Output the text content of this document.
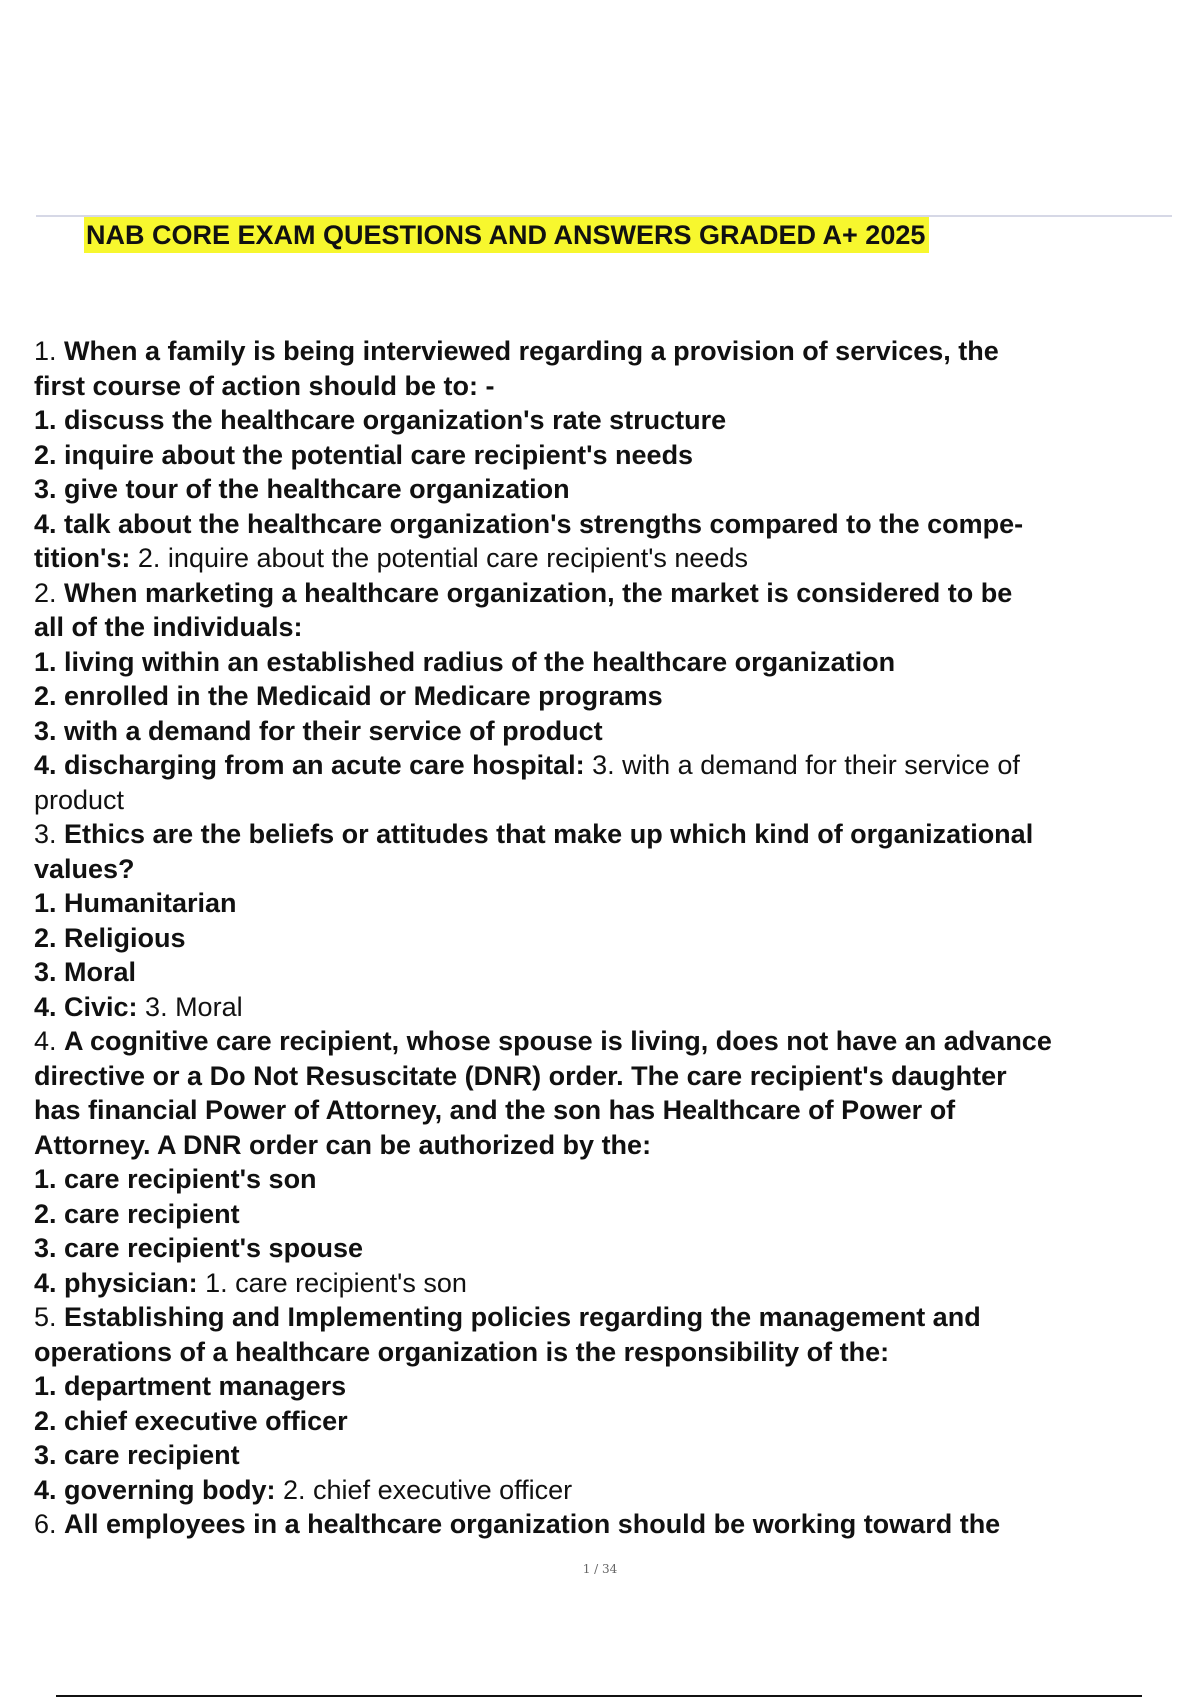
NAB CORE EXAM QUESTIONS AND ANSWERS GRADED A+ 2025
1. When a family is being interviewed regarding a provision of services, the
first course of action should be to: -
1. discuss the healthcare organization's rate structure
2. inquire about the potential care recipient's needs
3. give tour of the healthcare organization
4. talk about the healthcare organization's strengths compared to the compe-
tition's: 2. inquire about the potential care recipient's needs
2. When marketing a healthcare organization, the market is considered to be
all of the individuals:
1. living within an established radius of the healthcare organization
2. enrolled in the Medicaid or Medicare programs
3. with a demand for their service of product
4. discharging from an acute care hospital: 3. with a demand for their service of
product
3. Ethics are the beliefs or attitudes that make up which kind of organizational
values?
1. Humanitarian
2. Religious
3. Moral
4. Civic: 3. Moral
4. A cognitive care recipient, whose spouse is living, does not have an advance
directive or a Do Not Resuscitate (DNR) order. The care recipient's daughter
has financial Power of Attorney, and the son has Healthcare of Power of
Attorney. A DNR order can be authorized by the:
1. care recipient's son
2. care recipient
3. care recipient's spouse
4. physician: 1. care recipient's son
5. Establishing and Implementing policies regarding the management and
operations of a healthcare organization is the responsibility of the:
1. department managers
2. chief executive officer
3. care recipient
4. governing body: 2. chief executive officer
6. All employees in a healthcare organization should be working toward the
1 / 34
